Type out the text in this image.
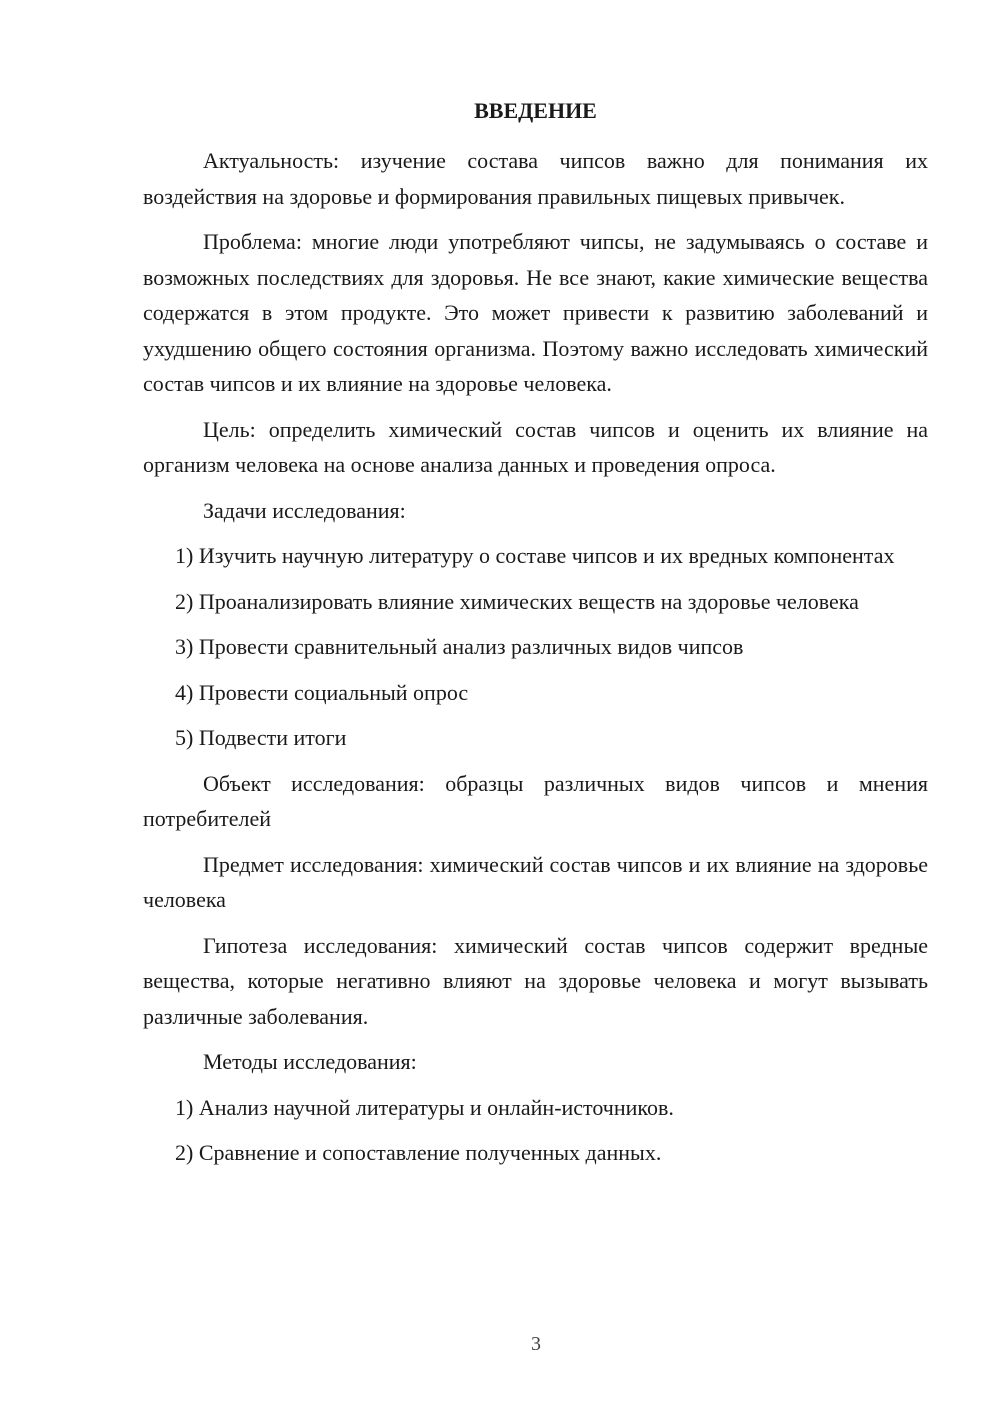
ВВЕДЕНИЕ

Актуальность: изучение состава чипсов важно для понимания их воздействия на здоровье и формирования правильных пищевых привычек.

Проблема: многие люди употребляют чипсы, не задумываясь о составе и возможных последствиях для здоровья. Не все знают, какие химические вещества содержатся в этом продукте. Это может привести к развитию заболеваний и ухудшению общего состояния организма. Поэтому важно исследовать химический состав чипсов и их влияние на здоровье человека.

Цель: определить химический состав чипсов и оценить их влияние на организм человека на основе анализа данных и проведения опроса.

Задачи исследования:

1) Изучить научную литературу о составе чипсов и их вредных компонентах

2) Проанализировать влияние химических веществ на здоровье человека

3) Провести сравнительный анализ различных видов чипсов

4) Провести социальный опрос

5) Подвести итоги

Объект исследования: образцы различных видов чипсов и мнения потребителей

Предмет исследования: химический состав чипсов и их влияние на здоровье человека

Гипотеза исследования: химический состав чипсов содержит вредные вещества, которые негативно влияют на здоровье человека и могут вызывать различные заболевания.

Методы исследования:

1) Анализ научной литературы и онлайн-источников.

2) Сравнение и сопоставление полученных данных.

3
